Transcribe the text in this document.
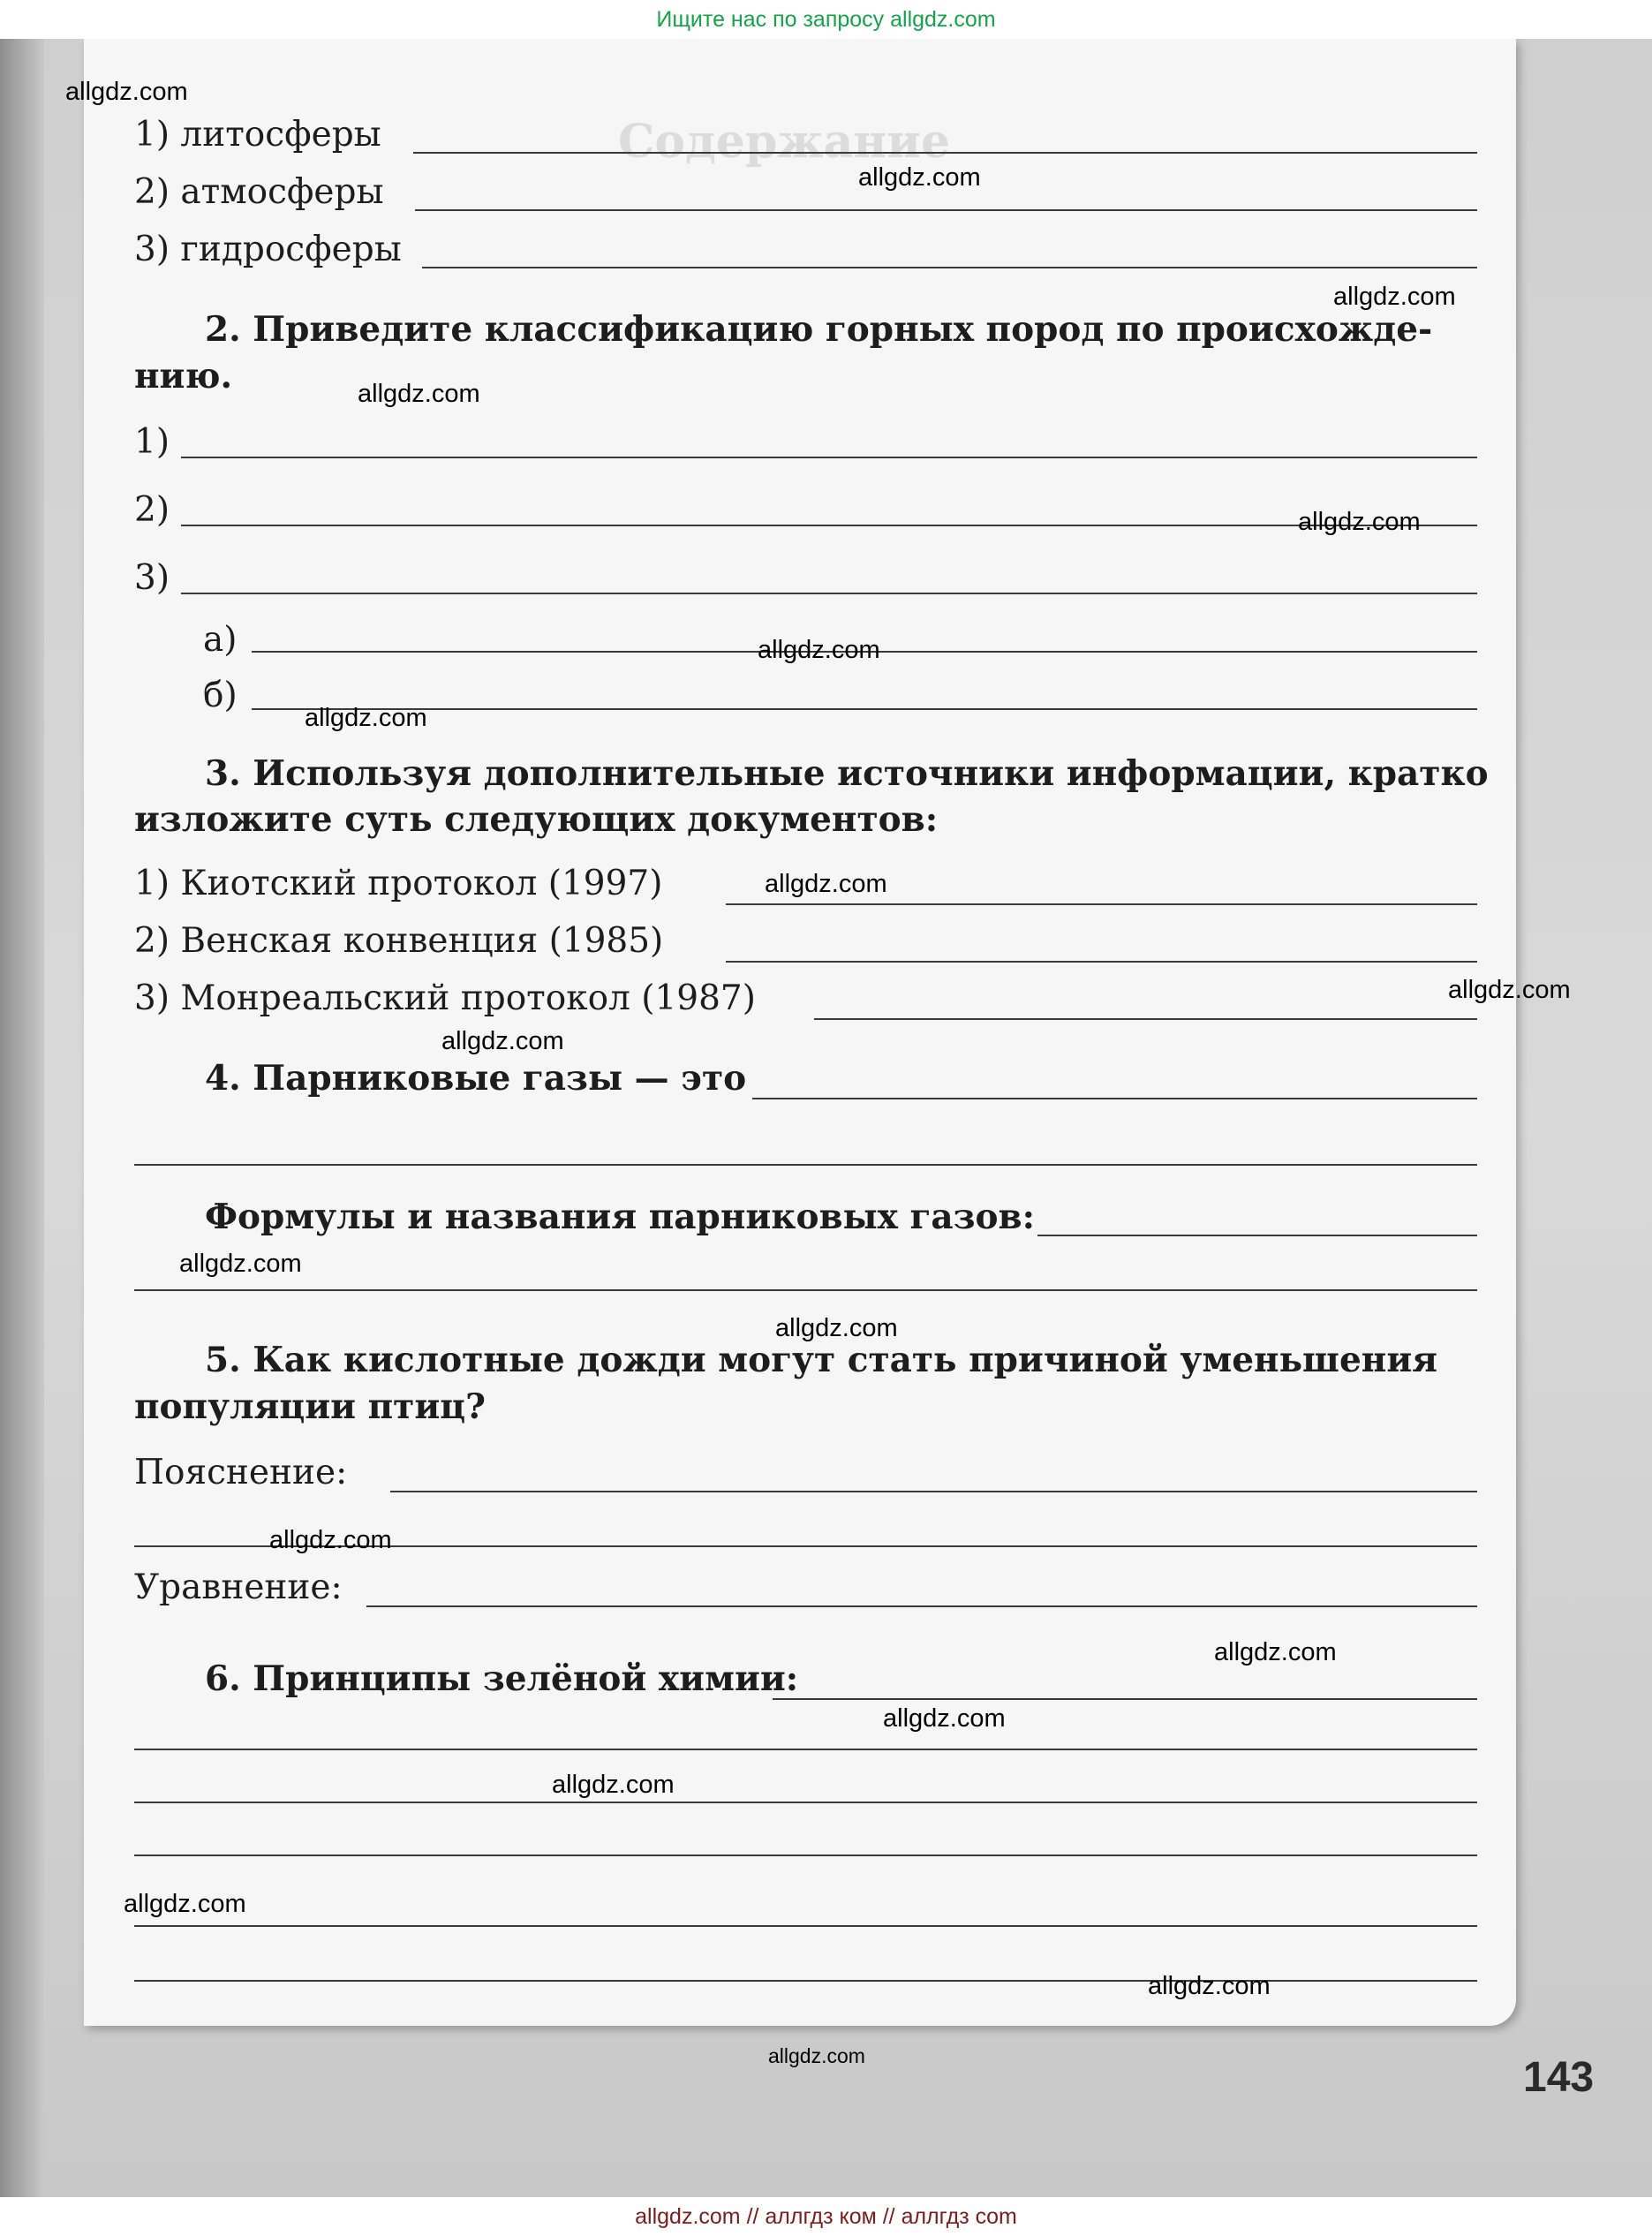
Содержание
Ищите нас по запросу allgdz.com
1) литосферы
2) атмосферы
3) гидросферы
2. Приведите классификацию горных пород по происхожде-
нию.
1)
2)
3)
а)
б)
3. Используя дополнительные источники информации, кратко
изложите суть следующих документов:
1) Киотский протокол (1997)
2) Венская конвенция (1985)
3) Монреальский протокол (1987)
4. Парниковые газы — это
Формулы и названия парниковых газов:
5. Как кислотные дожди могут стать причиной уменьшения
популяции птиц?
Пояснение:
Уравнение:
6. Принципы зелёной химии:
143
allgdz.com
allgdz.com
allgdz.com
allgdz.com
allgdz.com
allgdz.com
allgdz.com
allgdz.com
allgdz.com
allgdz.com
allgdz.com
allgdz.com
allgdz.com
allgdz.com
allgdz.com
allgdz.com
allgdz.com
allgdz.com
allgdz.com
allgdz.com // аллгдз ком // аллгдз com
